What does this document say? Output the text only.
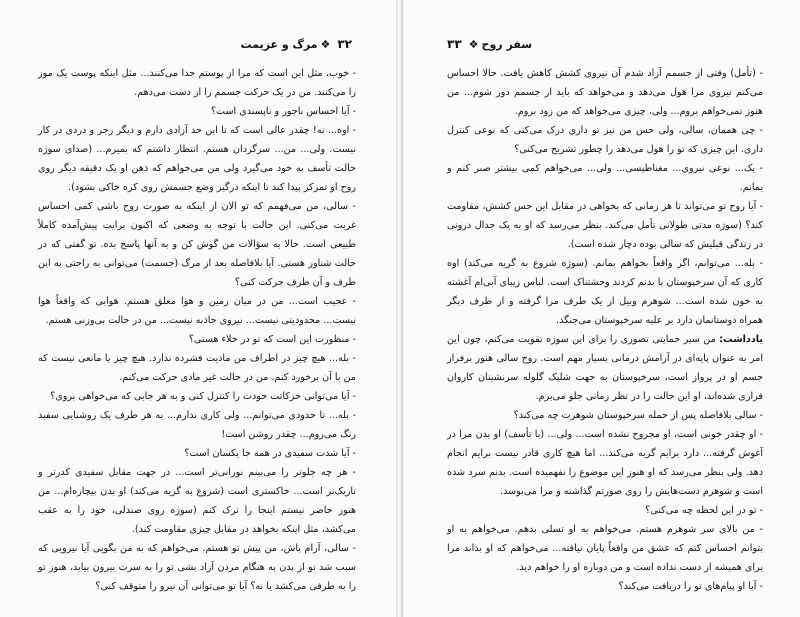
۳۲
❖
مرگ و عزیمت

- خوب، مثل این است که مرا از پوستم جدا می‌کنند... مثل اینکه پوست یک موز را می‌کنند. من در یک حرکت جسمم را از دست می‌دهم.

- آیا احساس ناجور و ناپسندی است؟

- اوه... نه! چقدر عالی است که تا این حد آزادی دارم و دیگر زجر و دردی در کار نیست. ولی... من... سرگردان هستم. انتظار داشتم که بمیرم... (صدای سوژه حالت تأسف به خود می‌گیرد ولی من می‌خواهم که ذهن او یک دقیقه دیگر روی روح او تمرکز پیدا کند تا اینکه درگیر وضع جسمش روی کره خاکی بشود).

- سالی، من می‌فهمم که تو الان از اینکه به صورت روح باشی کمی احساس غربت می‌کنی. این حالت با توجه به وضعی که اکنون برایت پیش‌آمده کاملاً طبیعی است. حالا به سؤالات من گوش کن و به آنها پاسخ بده. تو گفتی که در حالت شناور هستی. آیا بلافاصله بعد از مرگ (جسمت) می‌توانی به راحتی به این طرف و آن طرف حرکت کنی؟

- عجیب است... من در میان زمین و هوا معلق هستم. هوایی که واقعاً هوا نیست... محدودیتی نیست... نیروی جاذبه نیست... من در حالت بی‌وزنی هستم.

- منظورت این است که تو در خلاء هستی؟

- بله... هیچ چیز در اطراف من مادیت فشرده ندارد. هیچ چیز یا مانعی نیست که من با آن برخورد کنم. من در حالت غیر مادی حرکت می‌کنم.

- آیا می‌توانی حرکاتت خودت را کنترل کنی و به هر جایی که می‌خواهی بروی؟

- بله... تا حدودی می‌توانم... ولی کاری ندارم... به هر طرف یک روشنایی سفید رنگ می‌روم... چقدر روشن است!

- آیا شدت سفیدی در همه جا یکسان است؟

- هر چه جلوتر را می‌بینم نورانی‌تر است... در جهت مقابل سفیدی کدرتر و تاریک‌تر است... خاکستری است (شروع به گریه می‌کند) او بدن بیچاره‌ام... من هنوز حاضر نیستم اینجا را ترک کنم (سوژه روی صندلی، خود را به عقب می‌کشد، مثل اینکه بخواهد در مقابل چیزی مقاومت کند).

- سالی، آرام باش، من پیش تو هستم. می‌خواهم که به من بگویی آیا نیرویی که سبب شد تو از بدن به هنگام مردن آزاد بشی تو را به سرت بیرون بیاید، هنوز تو را به طرفی می‌کشد یا نه؟ آیا تو می‌توانی آن نیرو را متوقف کنی؟

سفر روح
❖
۳۳

- (تأمل) وقتی از جسمم آزاد شدم آن نیروی کشش کاهش یافت. حالا احساس می‌کنم نیروی مرا هول می‌دهد و می‌خواهد که باید از جسمم دور شوم... من هنوز نمی‌خواهم بروم... ولی، چیزی می‌خواهد که من زود بروم.

- چی هممان، سالی، ولی حس من نیز تو داری درک می‌کنی که نوعی کنترل داری. این چیزی که تو را هول می‌دهد را چطور تشریح می‌کنی؟

- یک... نوعی نیروی... مغناطیسی... ولی... می‌خواهم کمی بیشتر صبر کنم و بمانم.

- آیا روح تو می‌تواند تا هر زمانی که بخواهی در مقابل این حس کشش، مقاومت کند؟ (سوژه مدتی طولانی تأمل می‌کند. بنظر می‌رسد که او به یک جدال درونی در زندگی قبلیش که سالی بوده دچار شده است).

- بله... می‌توانم، اگر واقعاً بخواهم بمانم. (سوژه شروع به گریه می‌کند) اوه کاری که آن سرخپوستان با بدنم کردند وحشتناک است. لباس زیبای آبی‌ام آغشته به خون شده است... شوهرم وبیل از یک طرف مرا گرفته و از طرف دیگر همراه دوستانمان دارد بر علیه سرخپوستان می‌جنگد.

یادداشت: من سیر حمایتی تصوری را برای این سوژه تقویت می‌کنم، چون این امر به عنوان پایه‌ای در آرامش درمانی بسیار مهم است. روح سالی هنوز برفراز جسم او در پرواز است، سرخپوستان به جهت شلیک گلوله سرنشینان کاروان فراری شده‌اند، او این حالت را در نظر زمانی جلو می‌برم.

- سالی بلافاصله پس از حمله سرخپوستان شوهرت چه می‌کند؟

- او چقدر خونی است، او مجروح نشده است... ولی... (با تأسف) او بدن مرا در آغوش گرفته... دارد برایم گریه می‌کند... اما هیچ کاری قادر نیست برایم انجام دهد. ولی بنظر می‌رسد که او هنوز این موضوع را نفهمیده است. بدنم سرد شده است و شوهرم دست‌هایش را روی صورتم گذاشته و مرا می‌بوسد.

- تو در این لحظه چه می‌کنی؟

- من بالای سر شوهرم هستم. می‌خواهم به او تسلی بدهم. می‌خواهم به او بتوانم احساس کنم که عشق من واقعاً پایان نیافته... می‌خواهم که او بداند مرا برای همیشه از دست نداده است و من دوباره او را خواهم دید.

- آیا او پیام‌های تو را دریافت می‌کند؟
